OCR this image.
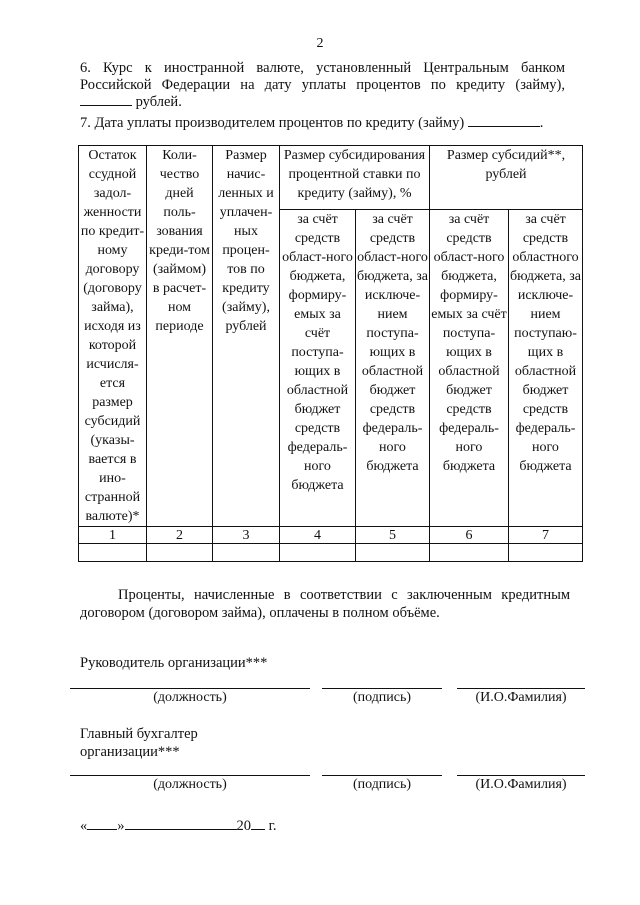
2
6. Курс к иностранной валюте, установленный Центральным банком Российской Федерации на дату уплаты процентов по кредиту (займу),  рублей.
7. Дата уплаты производителем процентов по кредиту (займу)	.
Остаток ссудной задол-женности по кредит-ному договору (договору займа), исходя из которой исчисля-ется размер субсидий (указы-вается в ино-странной валюте)*	Коли-чество дней поль-зования креди-том (займом) в расчет-ном периоде	Размер начис-ленных и уплачен-ных процен-тов по кредиту (займу), рублей	Размер субсидирования процентной ставки по кредиту (займу), %		Размер субсидий**, рублей	
			за счёт средств област-ного бюджета, формиру-емых за счёт поступа-ющих в областной бюджет средств федераль-ного бюджета	за счёт средств област-ного бюджета, за исключе-нием поступа-ющих в областной бюджет средств федераль-ного бюджета	за счёт средств област-ного бюджета, формиру-емых за счёт поступа-ющих в областной бюджет средств федераль-ного бюджета	за счёт средств областного бюджета, за исключе-нием поступаю-щих в областной бюджет средств федераль-ного бюджета
1	2	3	4	5	6	7

Проценты, начисленные в соответствии с заключенным кредитным договором (договором займа), оплачены в полном объёме.
Руководитель организации***
(должность)	(подпись)	(И.О.Фамилия)
Главный бухгалтер
организации***
(должность)	(подпись)	(И.О.Фамилия)
« »	20 г.
